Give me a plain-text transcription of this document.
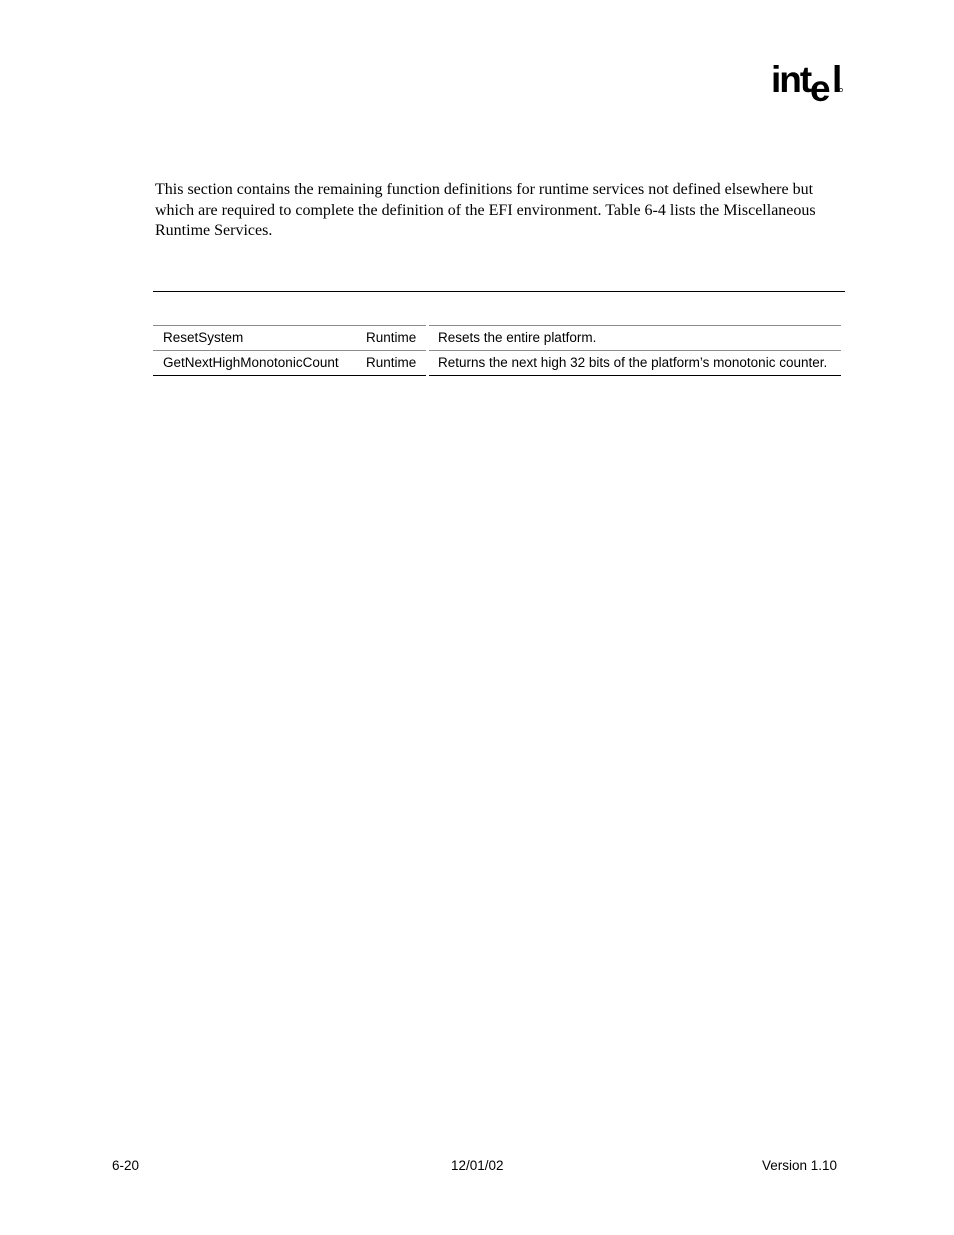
int e l

This section contains the remaining function definitions for runtime services not defined elsewhere but which are required to complete the definition of the EFI environment. Table 6-4 lists the Miscellaneous Runtime Services.

ResetSystem	Runtime	Resets the entire platform.
GetNextHighMonotonicCount	Runtime	Returns the next high 32 bits of the platform’s monotonic counter.
6-20	12/01/02	Version 1.10
